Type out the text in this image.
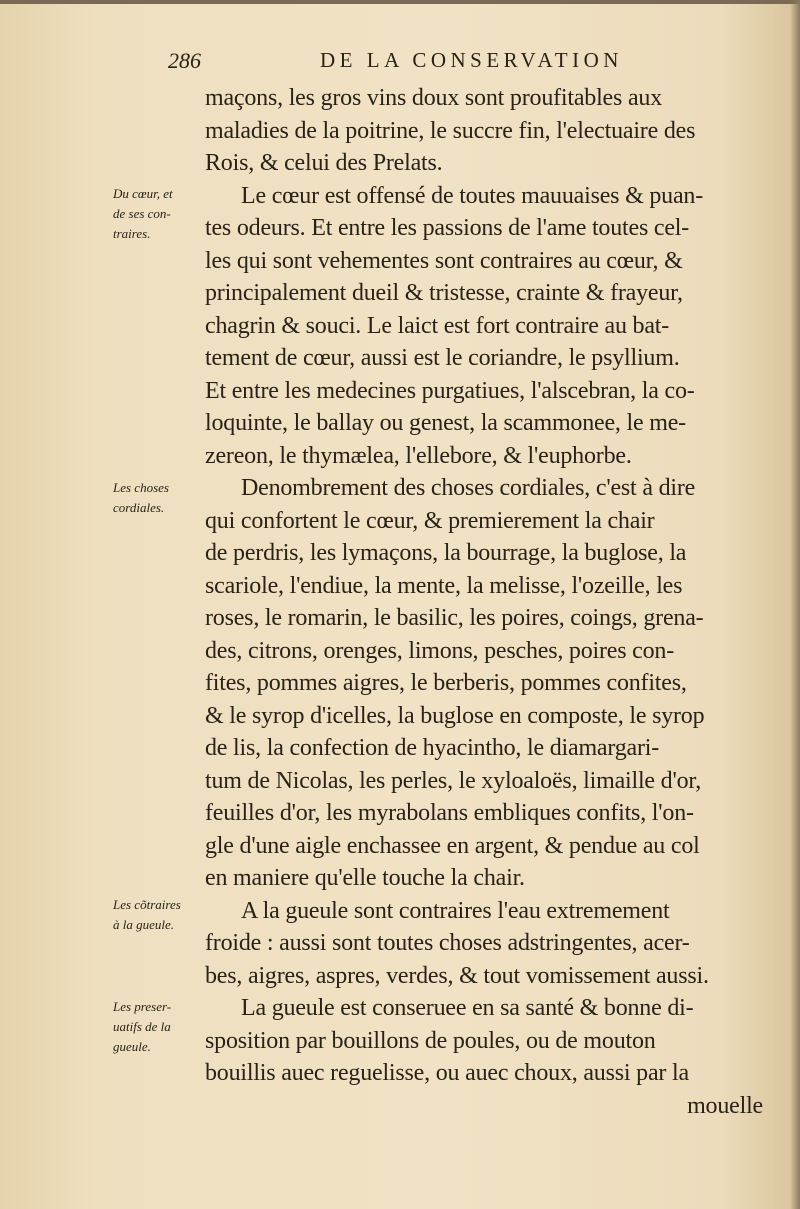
286	DE LA CONSERVATION
Du cœur, et
de ses con-
traires.
Les choses
cordiales.
Les cõtraires
à la gueule.
Les preser-
uatifs de la
gueule.
maçons, les gros vins doux sont proufitables aux
maladies de la poitrine, le succre fin, l'electuaire des
Rois, & celui des Prelats.
Le cœur est offensé de toutes mauuaises & puan-
tes odeurs. Et entre les passions de l'ame toutes cel-
les qui sont vehementes sont contraires au cœur, &
principalement dueil & tristesse, crainte & frayeur,
chagrin & souci. Le laict est fort contraire au bat-
tement de cœur, aussi est le coriandre, le psyllium.
Et entre les medecines purgatiues, l'alscebran, la co-
loquinte, le ballay ou genest, la scammonee, le me-
zereon, le thymælea, l'ellebore, & l'euphorbe.
Denombrement des choses cordiales, c'est à dire
qui confortent le cœur, & premierement la chair
de perdris, les lymaçons, la bourrage, la buglose, la
scariole, l'endiue, la mente, la melisse, l'ozeille, les
roses, le romarin, le basilic, les poires, coings, grena-
des, citrons, orenges, limons, pesches, poires con-
fites, pommes aigres, le berberis, pommes confites,
& le syrop d'icelles, la buglose en composte, le syrop
de lis, la confection de hyacintho, le diamargari-
tum de Nicolas, les perles, le xyloaloës, limaille d'or,
feuilles d'or, les myrabolans embliques confits, l'on-
gle d'une aigle enchassee en argent, & pendue au col
en maniere qu'elle touche la chair.
A la gueule sont contraires l'eau extremement
froide : aussi sont toutes choses adstringentes, acer-
bes, aigres, aspres, verdes, & tout vomissement aussi.
La gueule est conseruee en sa santé & bonne di-
sposition par bouillons de poules, ou de mouton
bouillis auec reguelisse, ou auec choux, aussi par la
mouelle
